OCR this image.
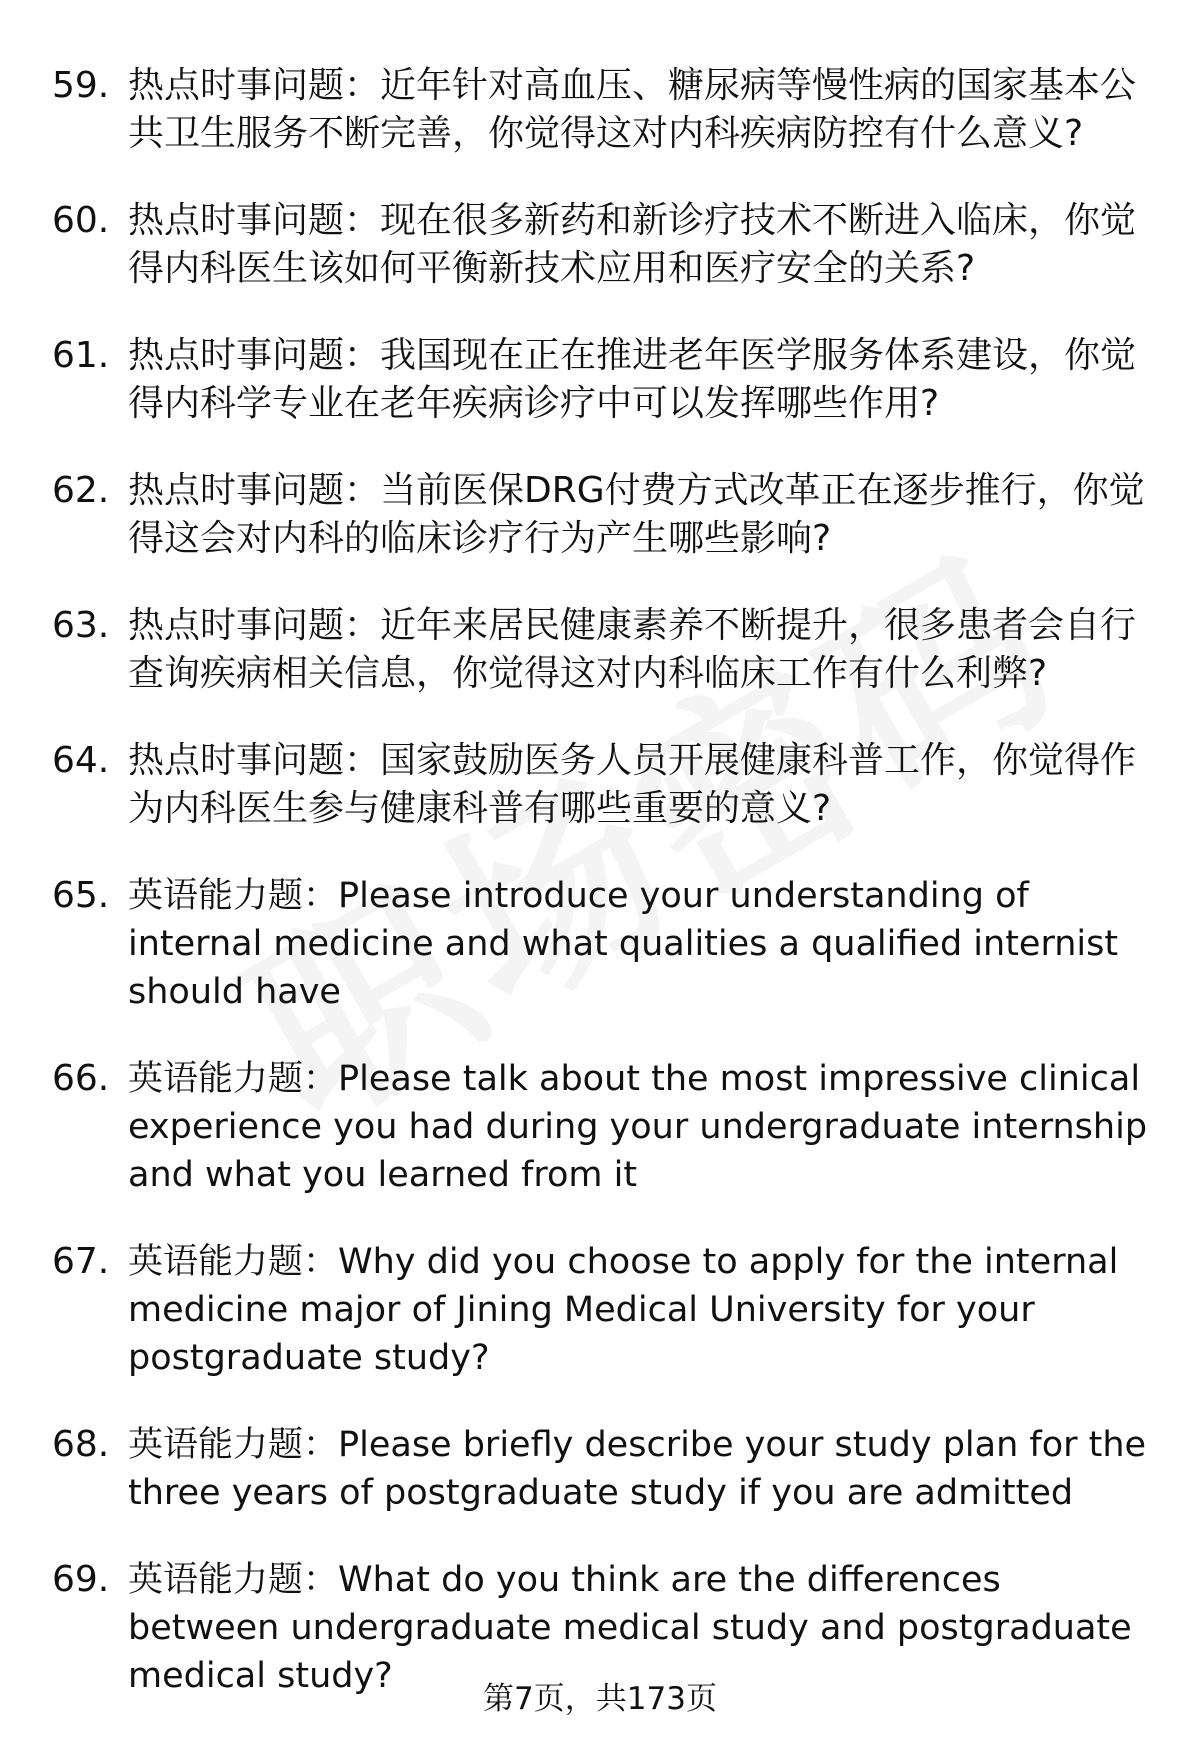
59. 热点时事问题：近年针对高血压、糖尿病等慢性病的国家基本公共卫生服务不断完善，你觉得这对内科疾病防控有什么意义?
60. 热点时事问题：现在很多新药和新诊疗技术不断进入临床，你觉得内科医生该如何平衡新技术应用和医疗安全的关系?
61. 热点时事问题：我国现在正在推进老年医学服务体系建设，你觉得内科学专业在老年疾病诊疗中可以发挥哪些作用?
62. 热点时事问题：当前医保DRG付费方式改革正在逐步推行，你觉得这会对内科的临床诊疗行为产生哪些影响?
63. 热点时事问题：近年来居民健康素养不断提升，很多患者会自行查询疾病相关信息，你觉得这对内科临床工作有什么利弊?
64. 热点时事问题：国家鼓励医务人员开展健康科普工作，你觉得作为内科医生参与健康科普有哪些重要的意义?
65. 英语能力题：Please introduce your understanding of internal medicine and what qualities a qualified internist should have
66. 英语能力题：Please talk about the most impressive clinical experience you had during your undergraduate internship and what you learned from it
67. 英语能力题：Why did you choose to apply for the internal medicine major of Jining Medical University for your postgraduate study?
68. 英语能力题：Please briefly describe your study plan for the three years of postgraduate study if you are admitted
69. 英语能力题：What do you think are the differences between undergraduate medical study and postgraduate medical study?
第7页，共173页
